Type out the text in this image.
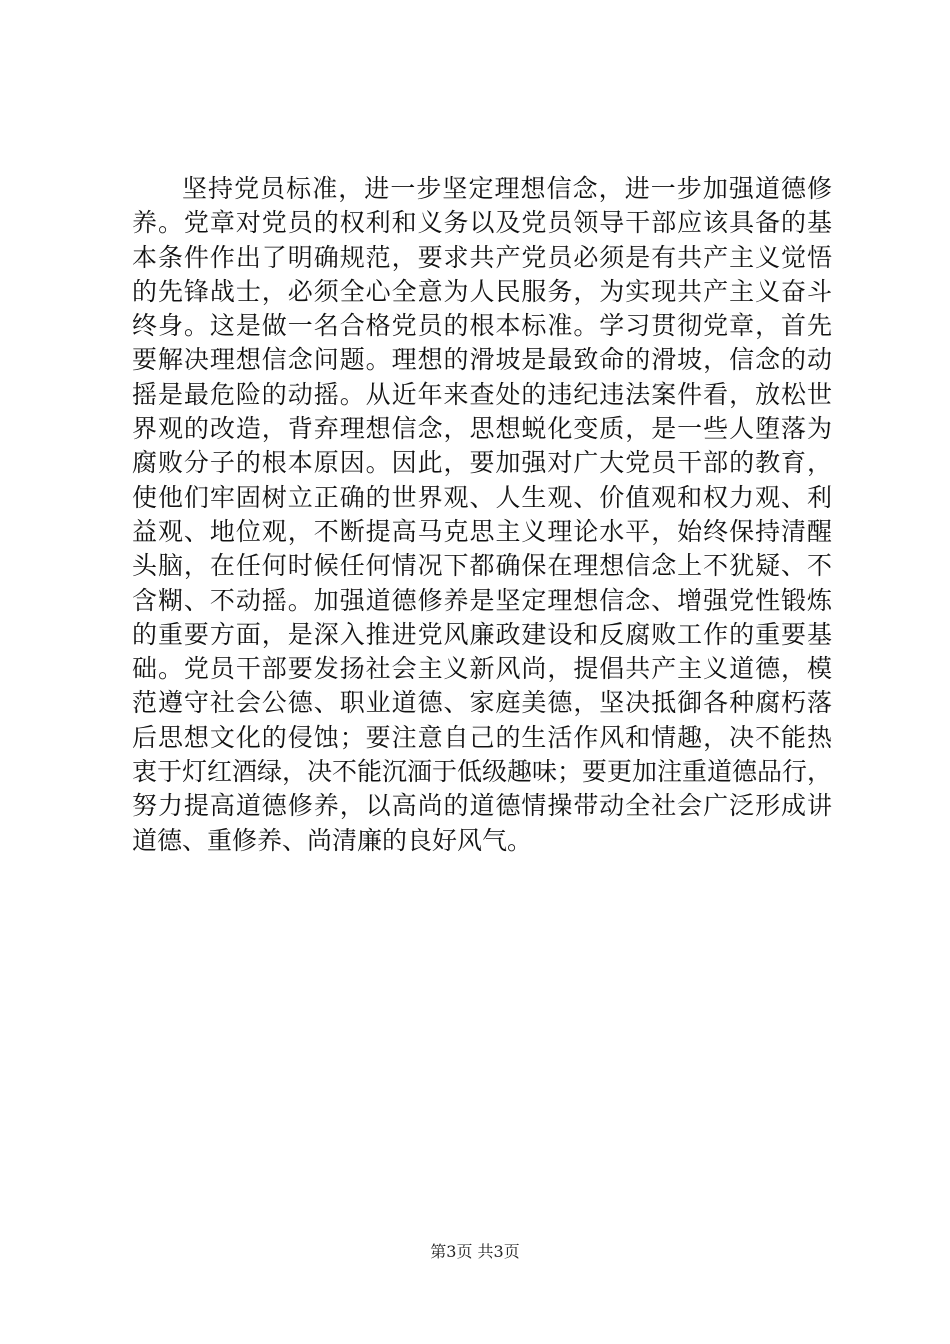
坚持党员标准，进一步坚定理想信念，进一步加强道德修
养。党章对党员的权利和义务以及党员领导干部应该具备的基
本条件作出了明确规范，要求共产党员必须是有共产主义觉悟
的先锋战士，必须全心全意为人民服务，为实现共产主义奋斗
终身。这是做一名合格党员的根本标准。学习贯彻党章，首先
要解决理想信念问题。理想的滑坡是最致命的滑坡，信念的动
摇是最危险的动摇。从近年来查处的违纪违法案件看，放松世
界观的改造，背弃理想信念，思想蜕化变质，是一些人堕落为
腐败分子的根本原因。因此，要加强对广大党员干部的教育，
使他们牢固树立正确的世界观、人生观、价值观和权力观、利
益观、地位观，不断提高马克思主义理论水平，始终保持清醒
头脑，在任何时候任何情况下都确保在理想信念上不犹疑、不
含糊、不动摇。加强道德修养是坚定理想信念、增强党性锻炼
的重要方面，是深入推进党风廉政建设和反腐败工作的重要基
础。党员干部要发扬社会主义新风尚，提倡共产主义道德，模
范遵守社会公德、职业道德、家庭美德，坚决抵御各种腐朽落
后思想文化的侵蚀；要注意自己的生活作风和情趣，决不能热
衷于灯红酒绿，决不能沉湎于低级趣味；要更加注重道德品行，
努力提高道德修养，以高尚的道德情操带动全社会广泛形成讲
道德、重修养、尚清廉的良好风气。
第3页 共3页
